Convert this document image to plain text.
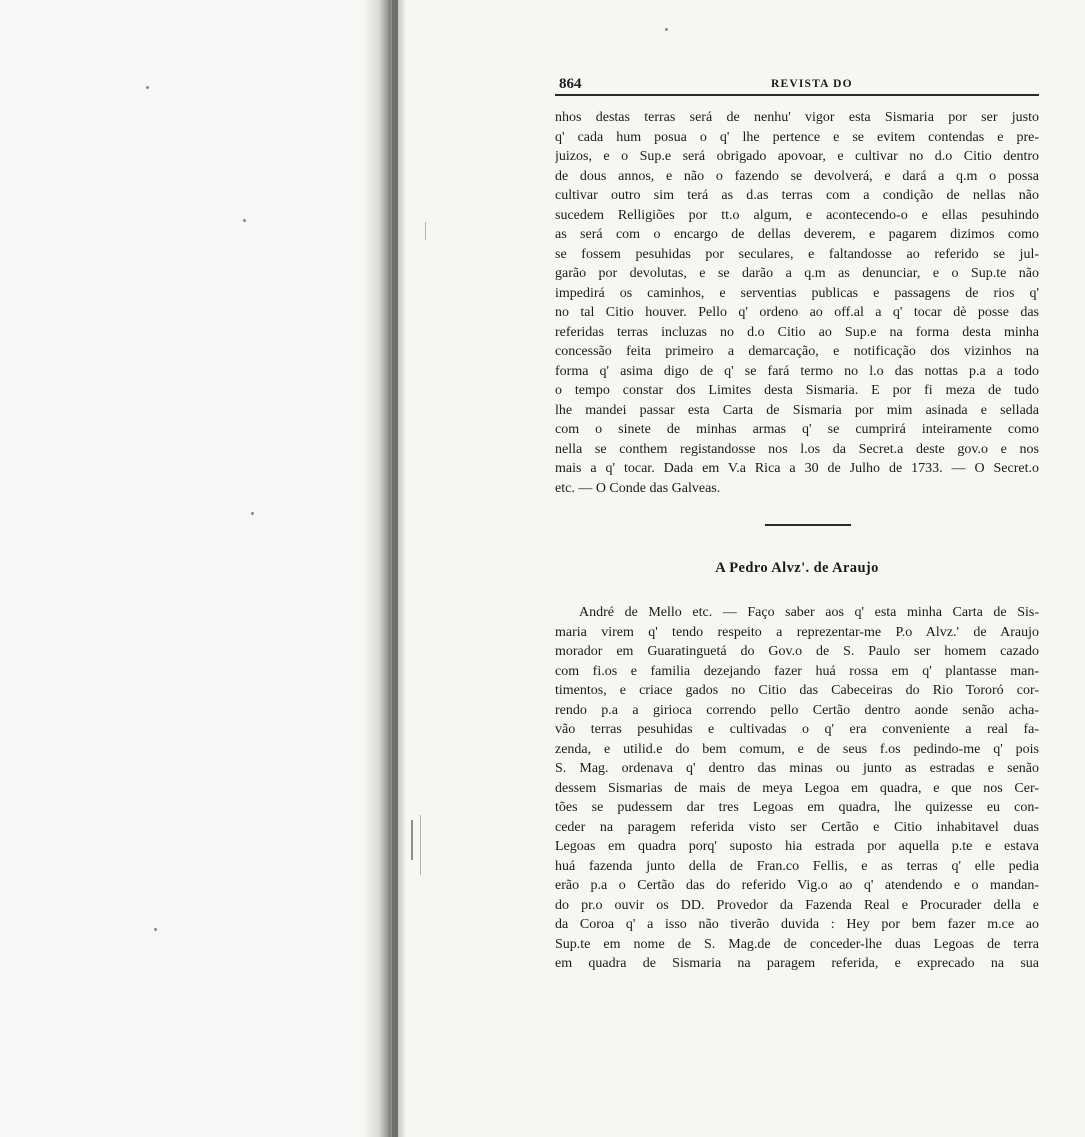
864	REVISTA DO
nhos destas terras será de nenhu' vigor esta Sismaria por ser justo
q' cada hum posua o q' lhe pertence e se evitem contendas e pre-
juizos, e o Sup.e será obrigado apovoar, e cultivar no d.o Citio dentro
de dous annos, e não o fazendo se devolverá, e dará a q.m o possa
cultivar outro sim terá as d.as terras com a condição de nellas não
sucedem Relligiões por tt.o algum, e acontecendo-o e ellas pesuhindo
as será com o encargo de dellas deverem, e pagarem dizimos como
se fossem pesuhidas por seculares, e faltandosse ao referido se jul-
garão por devolutas, e se darão a q.m as denunciar, e o Sup.te não
impedirá os caminhos, e serventias publicas e passagens de rios q'
no tal Citio houver. Pello q' ordeno ao off.al a q' tocar dè posse das
referidas terras incluzas no d.o Citio ao Sup.e na forma desta minha
concessão feita primeiro a demarcação, e notificação dos vizinhos na
forma q' asima digo de q' se fará termo no l.o das nottas p.a a todo
o tempo constar dos Limites desta Sismaria. E por fi meza de tudo
lhe mandei passar esta Carta de Sismaria por mim asinada e sellada
com o sinete de minhas armas q' se cumprirá inteiramente como
nella se conthem registandosse nos l.os da Secret.a deste gov.o e nos
mais a q' tocar. Dada em V.a Rica a 30 de Julho de 1733. — O Secret.o
etc. — O Conde das Galveas.
A Pedro Alvz'. de Araujo
André de Mello etc. — Faço saber aos q' esta minha Carta de Sis-
maria virem q' tendo respeito a reprezentar-me P.o Alvz.' de Araujo
morador em Guaratinguetá do Gov.o de S. Paulo ser homem cazado
com fi.os e familia dezejando fazer huá rossa em q' plantasse man-
timentos, e criace gados no Citio das Cabeceiras do Rio Tororó cor-
rendo p.a a girioca correndo pello Certão dentro aonde senão acha-
vão terras pesuhidas e cultivadas o q' era conveniente a real fa-
zenda, e utilid.e do bem comum, e de seus f.os pedindo-me q' pois
S. Mag. ordenava q' dentro das minas ou junto as estradas e senão
dessem Sismarias de mais de meya Legoa em quadra, e que nos Cer-
tões se pudessem dar tres Legoas em quadra, lhe quizesse eu con-
ceder na paragem referida visto ser Certão e Citio inhabitavel duas
Legoas em quadra porq' suposto hia estrada por aquella p.te e estava
huá fazenda junto della de Fran.co Fellis, e as terras q' elle pedia
erão p.a o Certão das do referido Vig.o ao q' atendendo e o mandan-
do pr.o ouvir os DD. Provedor da Fazenda Real e Procurader della e
da Coroa q' a isso não tiverão duvida : Hey por bem fazer m.ce ao
Sup.te em nome de S. Mag.de de conceder-lhe duas Legoas de terra
em quadra de Sismaria na paragem referida, e exprecado na sua
